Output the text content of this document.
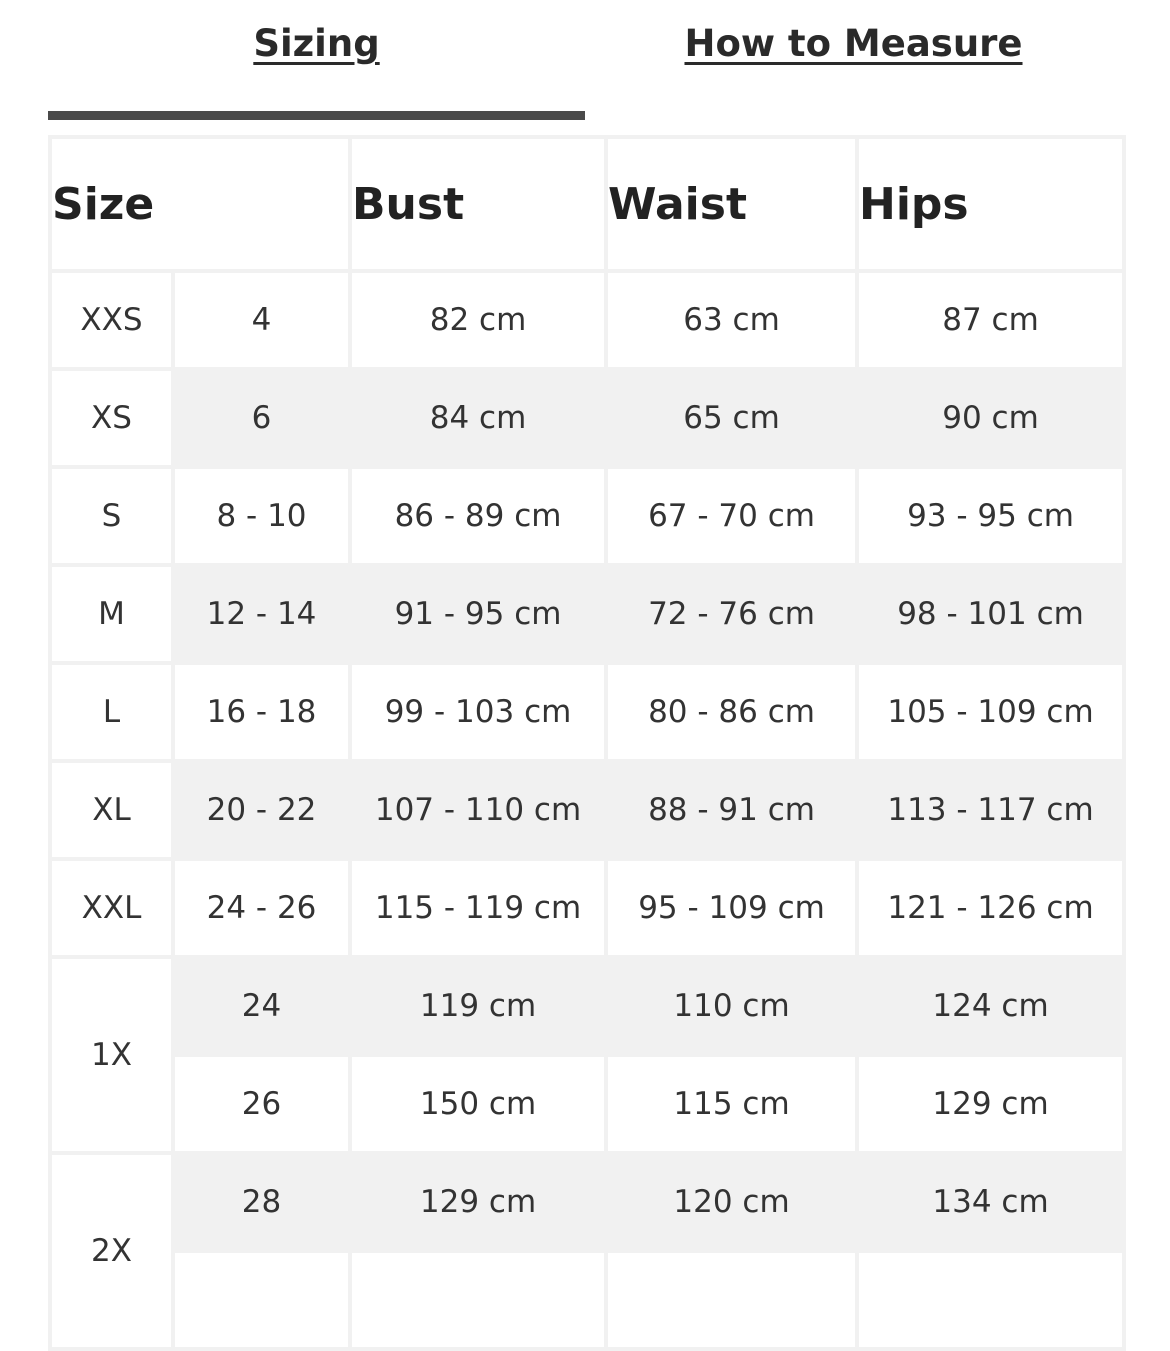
Sizing	How to Measure
Size		Bust	Waist	Hips
XXS	4	82 cm	63 cm	87 cm
XS	6	84 cm	65 cm	90 cm
S	8 - 10	86 - 89 cm	67 - 70 cm	93 - 95 cm
M	12 - 14	91 - 95 cm	72 - 76 cm	98 - 101 cm
L	16 - 18	99 - 103 cm	80 - 86 cm	105 - 109 cm
XL	20 - 22	107 - 110 cm	88 - 91 cm	113 - 117 cm
XXL	24 - 26	115 - 119 cm	95 - 109 cm	121 - 126 cm
1X	24	119 cm	110 cm	124 cm
	26	150 cm	115 cm	129 cm
2X	28	129 cm	120 cm	134 cm
